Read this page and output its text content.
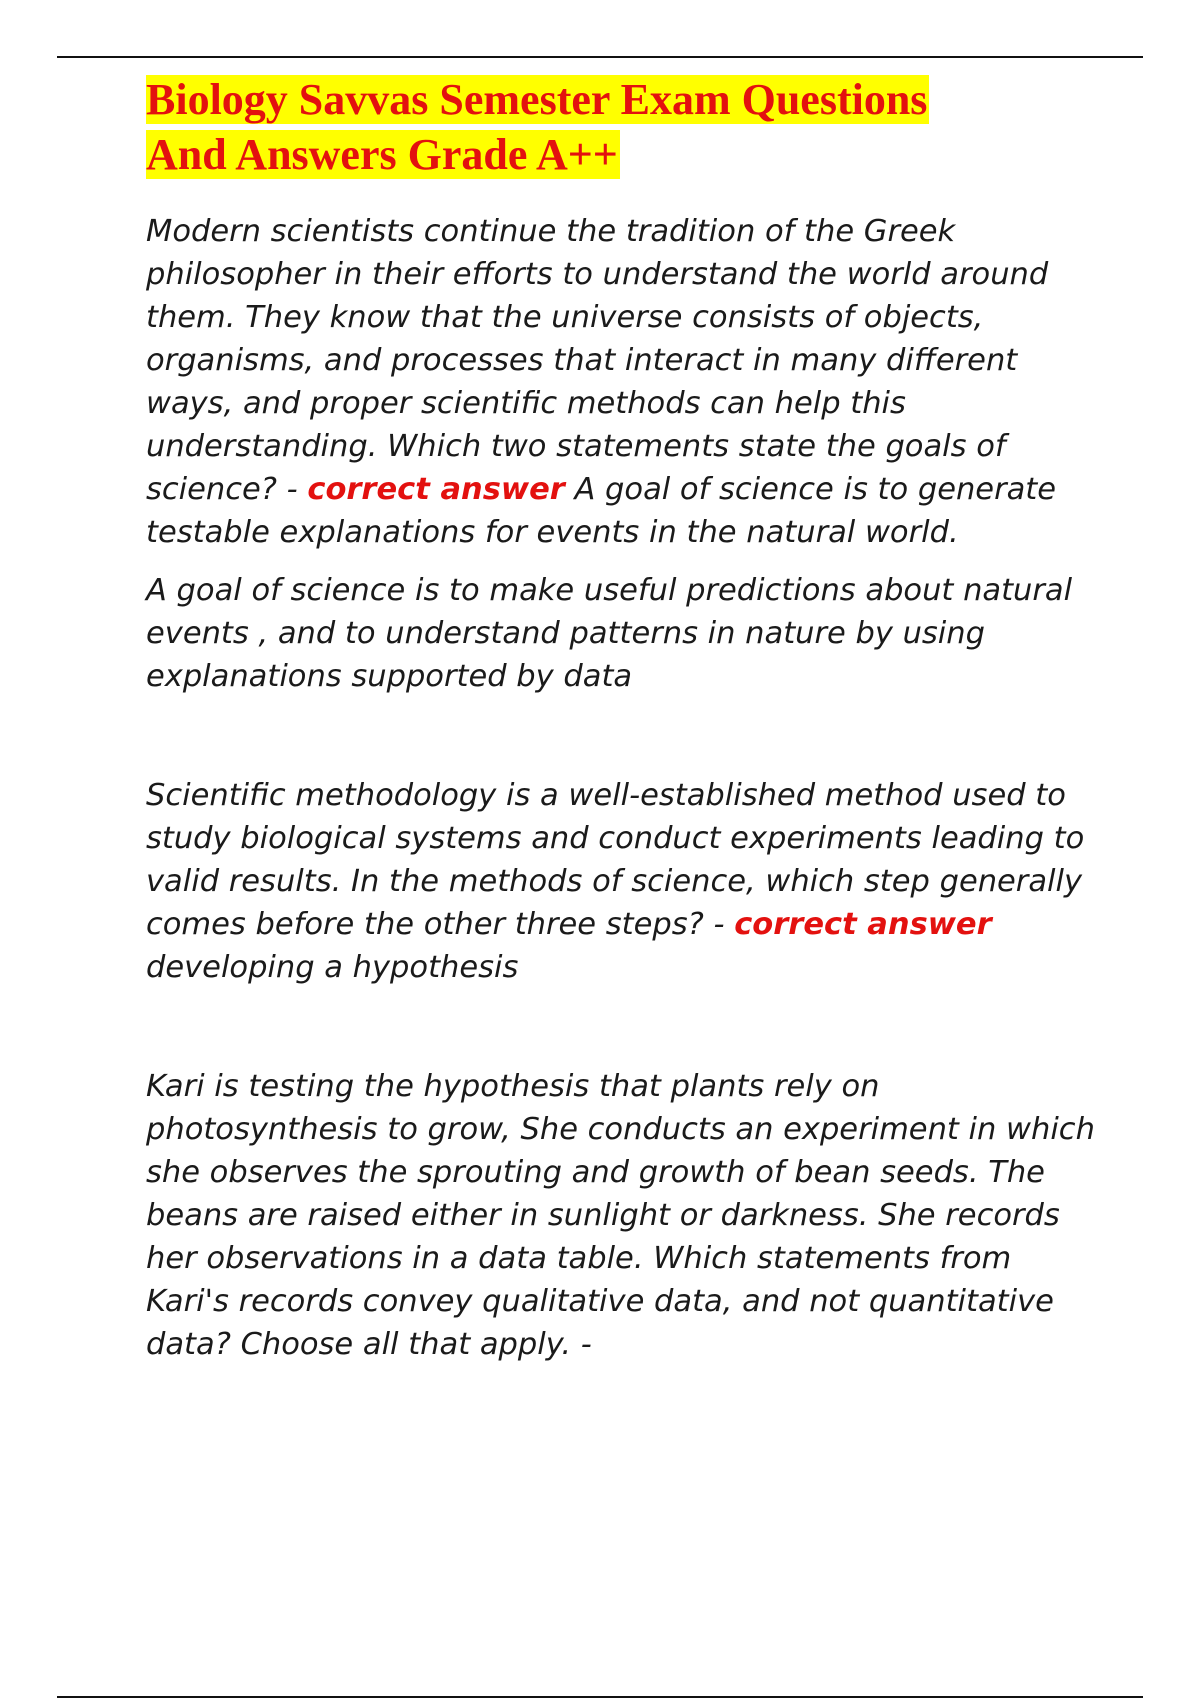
Biology Savvas Semester Exam Questions
And Answers Grade A++

Modern scientists continue the tradition of the Greek philosopher in their efforts to understand the world around them. They know that the universe consists of objects, organisms, and processes that interact in many different ways, and proper scientific methods can help this understanding. Which two statements state the goals of science? - correct answer A goal of science is to generate testable explanations for events in the natural world.

A goal of science is to make useful predictions about natural events , and to understand patterns in nature by using explanations supported by data

Scientific methodology is a well-established method used to study biological systems and conduct experiments leading to valid results. In the methods of science, which step generally comes before the other three steps? - correct answer developing a hypothesis

Kari is testing the hypothesis that plants rely on photosynthesis to grow, She conducts an experiment in which she observes the sprouting and growth of bean seeds. The beans are raised either in sunlight or darkness. She records her observations in a data table. Which statements from Kari's records convey qualitative data, and not quantitative data? Choose all that apply. -
